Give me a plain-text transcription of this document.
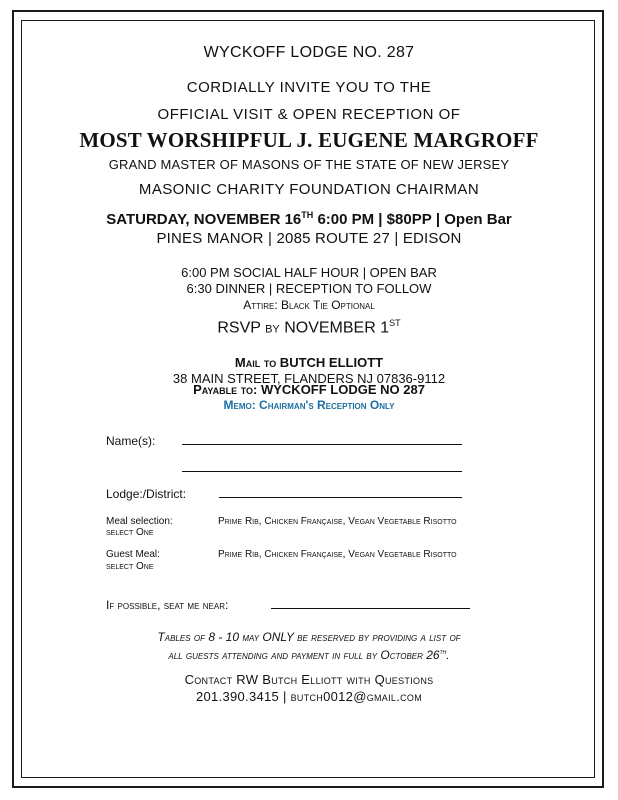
WYCKOFF LODGE NO. 287
CORDIALLY INVITE YOU TO THE
OFFICIAL VISIT & OPEN RECEPTION OF
MOST WORSHIPFUL J. EUGENE MARGROFF
GRAND MASTER OF MASONS OF THE STATE OF NEW JERSEY
MASONIC CHARITY FOUNDATION CHAIRMAN
SATURDAY, NOVEMBER 16TH 6:00 PM | $80PP | Open Bar
PINES MANOR | 2085 ROUTE 27 | EDISON
6:00 PM SOCIAL HALF HOUR | OPEN BAR
6:30 DINNER | RECEPTION TO FOLLOW
Attire: Black Tie Optional
RSVP by NOVEMBER 1ST
Mail to BUTCH ELLIOTT
38 MAIN STREET, FLANDERS NJ 07836-9112
Payable to: WYCKOFF LODGE NO 287
Memo: Chairman's Reception Only
Name(s):
Lodge:/District:
Meal selection:
select One
Prime Rib, Chicken Française, Vegan Vegetable Risotto
Guest Meal:
select One
Prime Rib, Chicken Française, Vegan Vegetable Risotto
If possible, seat me near:
Tables of 8 - 10 may ONLY be reserved by providing a list of
all guests attending and payment in full by October 26th.
Contact RW Butch Elliott with Questions
201.390.3415 | butch0012@gmail.com
